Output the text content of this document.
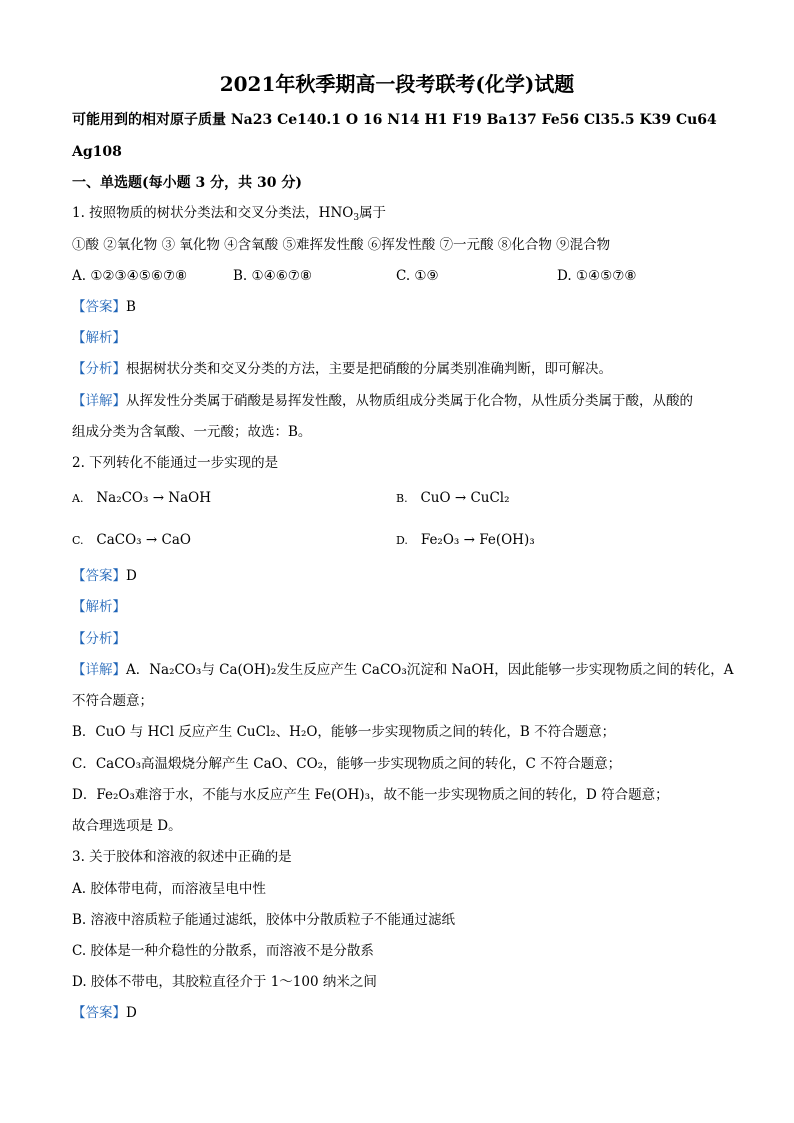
2021年秋季期高一段考联考(化学)试题
可能用到的相对原子质量 Na23 Ce140.1 O 16 N14 H1 F19 Ba137 Fe56 Cl35.5 K39 Cu64
Ag108
一、单选题(每小题 3 分，共 30 分)
1. 按照物质的树状分类法和交叉分类法，$HNO_3$属于
①酸 ②氧化物 ③ 氧化物 ④含氧酸 ⑤难挥发性酸 ⑥挥发性酸 ⑦一元酸 ⑧化合物 ⑨混合物
A. ①②③④⑤⑥⑦⑧	B. ①④⑥⑦⑧	C. ①⑨	D. ①④⑤⑦⑧
【答案】B
【解析】
【分析】根据树状分类和交叉分类的方法，主要是把硝酸的分属类别准确判断，即可解决。
【详解】从挥发性分类属于硝酸是易挥发性酸，从物质组成分类属于化合物，从性质分类属于酸，从酸的
组成分类为含氧酸、一元酸；故选：B。
2. 下列转化不能通过一步实现的是
A. Na₂CO₃ → NaOH	B. CuO → CuCl₂
C. CaCO₃ → CaO	D. Fe₂O₃ → Fe(OH)₃
【答案】D
【解析】
【分析】
【详解】A．Na₂CO₃与 Ca(OH)₂发生反应产生 CaCO₃沉淀和 NaOH，因此能够一步实现物质之间的转化，A
不符合题意；
B．CuO 与 HCl 反应产生 CuCl₂、H₂O，能够一步实现物质之间的转化，B 不符合题意；
C．CaCO₃高温煅烧分解产生 CaO、CO₂，能够一步实现物质之间的转化，C 不符合题意；
D．Fe₂O₃难溶于水，不能与水反应产生 Fe(OH)₃，故不能一步实现物质之间的转化，D 符合题意；
故合理选项是 D。
3. 关于胶体和溶液的叙述中正确的是
A. 胶体带电荷，而溶液呈电中性
B. 溶液中溶质粒子能通过滤纸，胶体中分散质粒子不能通过滤纸
C. 胶体是一种介稳性的分散系，而溶液不是分散系
D. 胶体不带电，其胶粒直径介于 1～100 纳米之间
【答案】D
